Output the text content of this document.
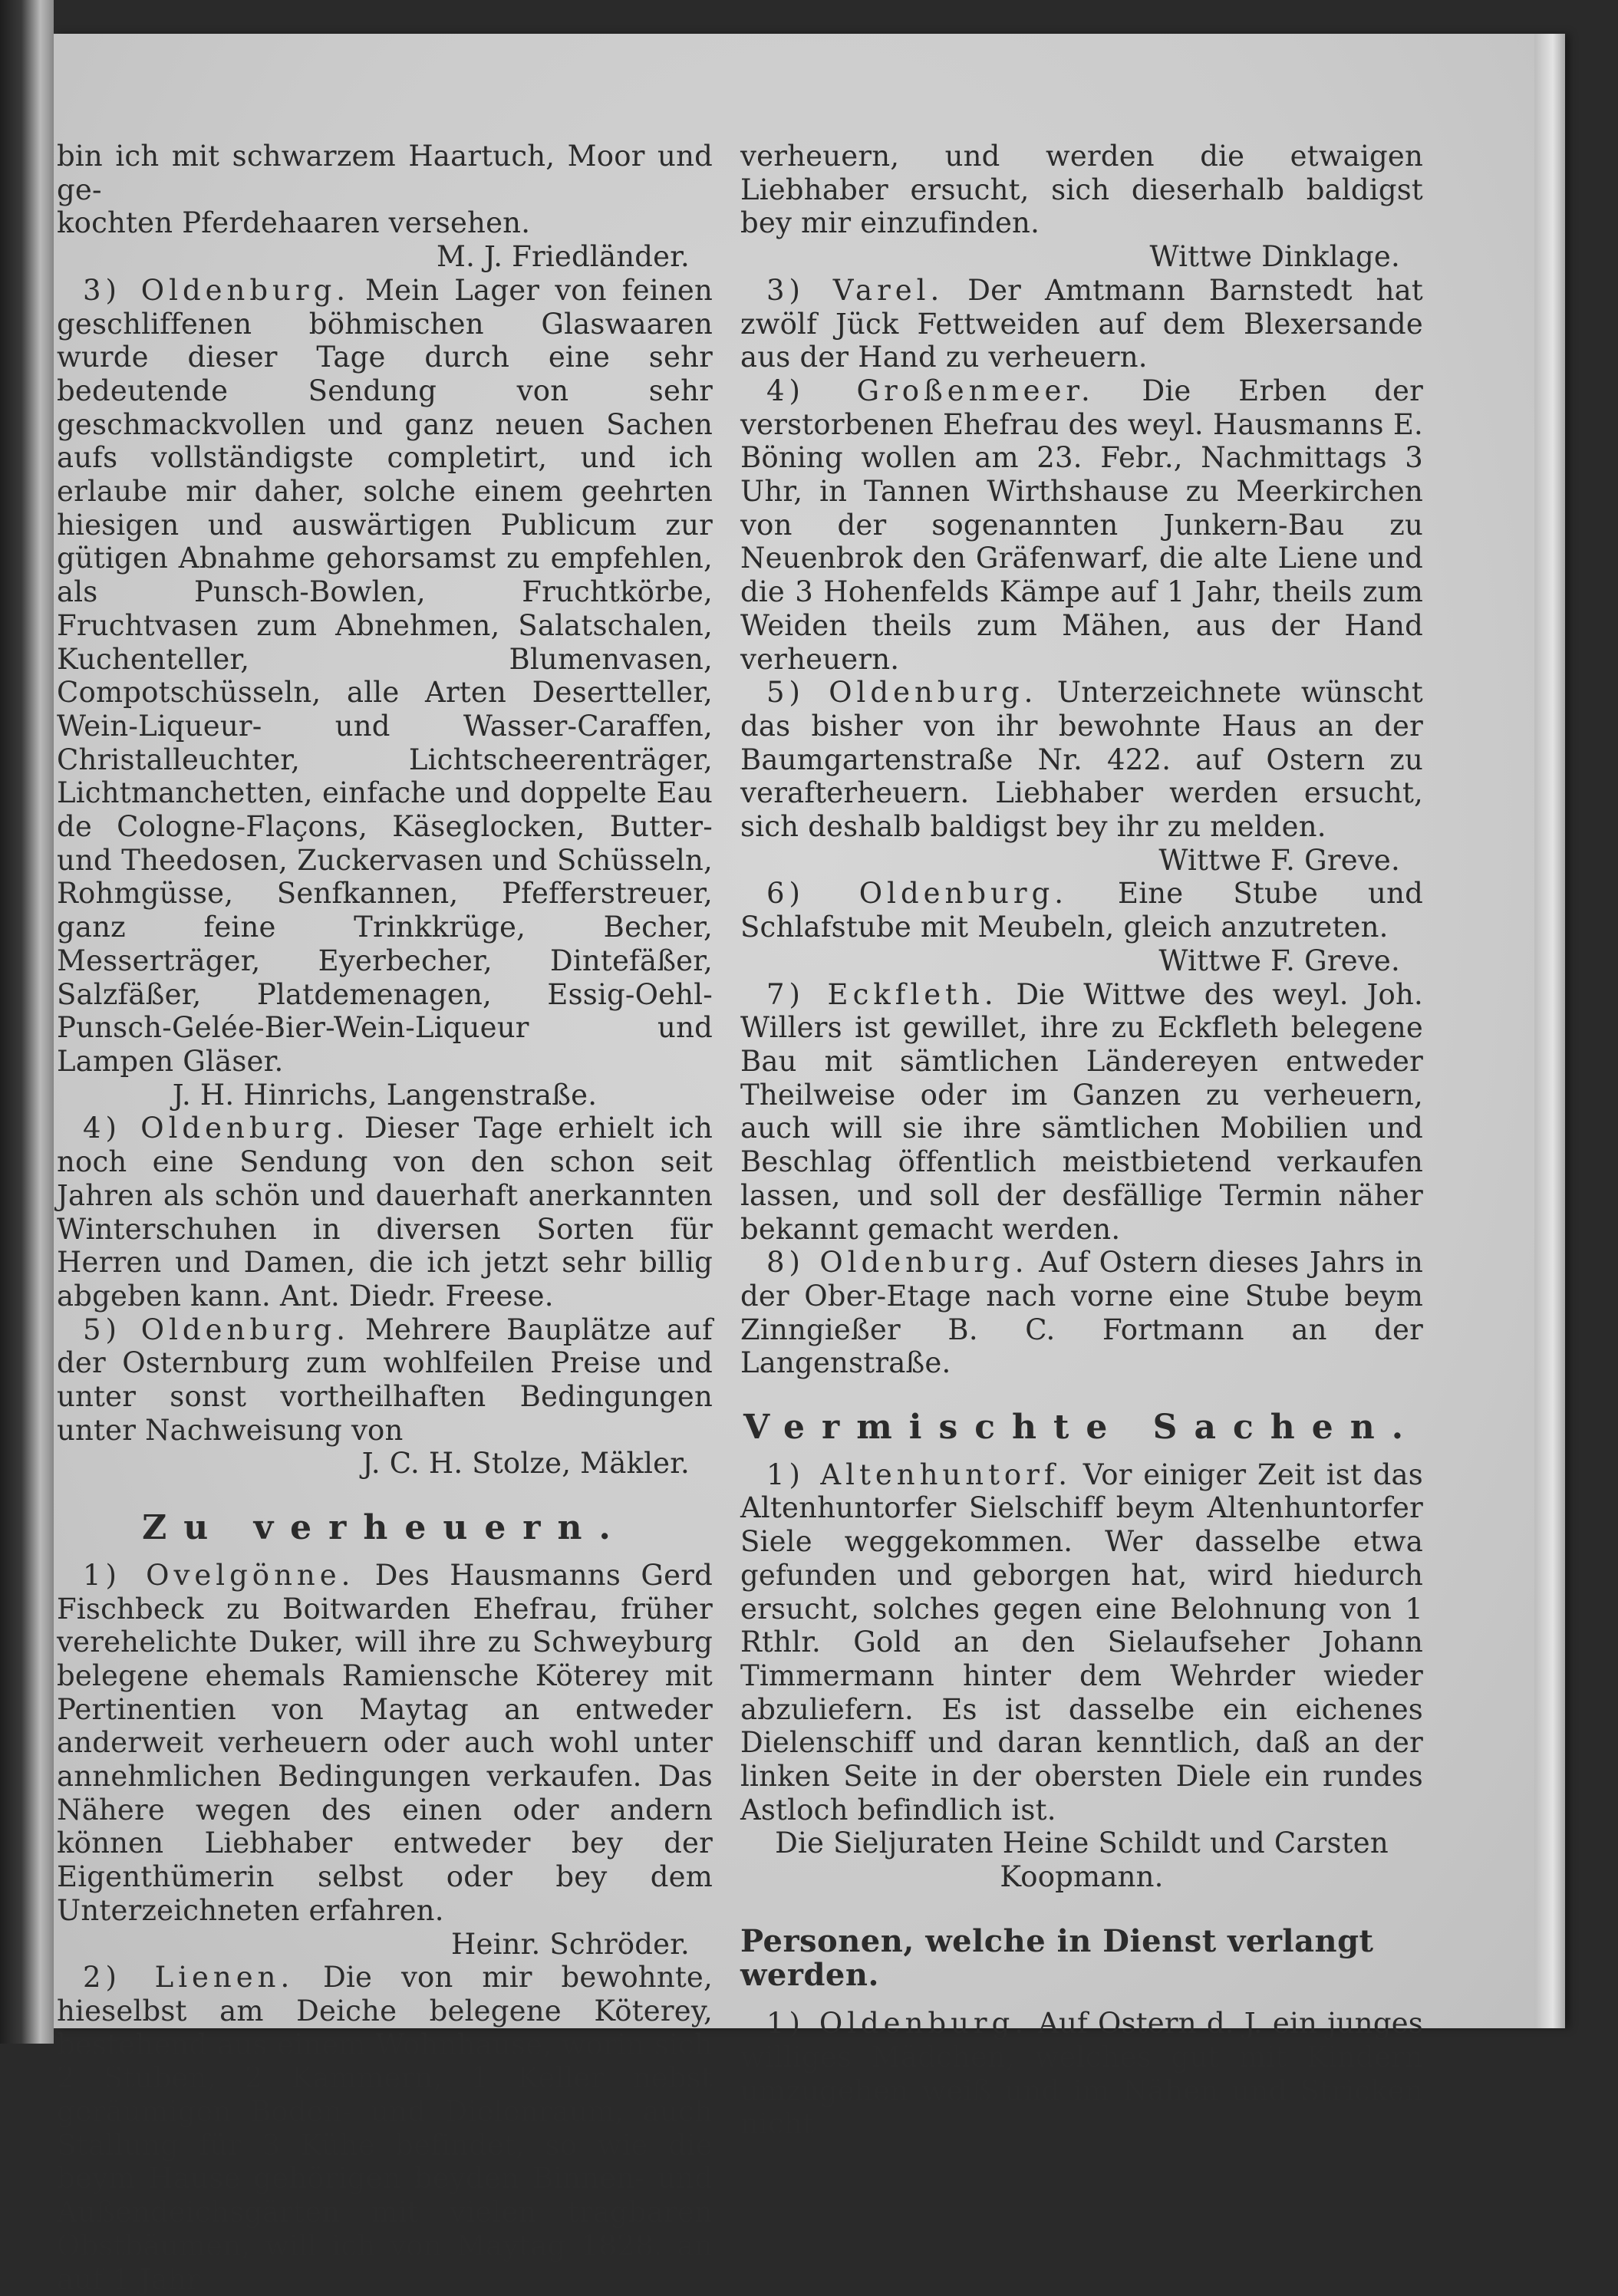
bin ich mit schwarzem Haartuch, Moor und ge-

kochten Pferdehaaren versehen.

M. J. Friedländer.

3) Oldenburg. Mein Lager von feinen geschliffenen böhmischen Glaswaaren wurde dieser Tage durch eine sehr bedeutende Sendung von sehr geschmackvollen und ganz neuen Sachen aufs vollständigste completirt, und ich erlaube mir daher, solche einem geehrten hiesigen und auswärtigen Publicum zur gütigen Abnahme gehorsamst zu empfehlen, als Punsch-Bowlen, Fruchtkörbe, Fruchtvasen zum Abnehmen, Salatschalen, Kuchenteller, Blumenvasen, Compotschüsseln, alle Arten Desertteller, Wein-Liqueur- und Wasser-Caraffen, Christalleuchter, Lichtscheerenträger, Lichtmanchetten, einfache und doppelte Eau de Cologne-Flaçons, Käseglocken, Butter- und Theedosen, Zuckervasen und Schüsseln, Rohmgüsse, Senfkannen, Pfefferstreuer, ganz feine Trinkkrüge, Becher, Messerträger, Eyerbecher, Dintefäßer, Salzfäßer, Platdemenagen, Essig-Oehl-Punsch-Gelée-Bier-Wein-Liqueur und Lampen Gläser.

J. H. Hinrichs, Langenstraße.

4) Oldenburg. Dieser Tage erhielt ich noch eine Sendung von den schon seit Jahren als schön und dauerhaft anerkannten Winterschuhen in diversen Sorten für Herren und Damen, die ich jetzt sehr billig abgeben kann. Ant. Diedr. Freese.

5) Oldenburg. Mehrere Bauplätze auf der Osternburg zum wohlfeilen Preise und unter sonst vortheilhaften Bedingungen unter Nachweisung von

J. C. H. Stolze, Mäkler.

Zu verheuern.

1) Ovelgönne. Des Hausmanns Gerd Fischbeck zu Boitwarden Ehefrau, früher verehelichte Duker, will ihre zu Schweyburg belegene ehemals Ramiensche Köterey mit Pertinentien von Maytag an entweder anderweit verheuern oder auch wohl unter annehmlichen Bedingungen verkaufen. Das Nähere wegen des einen oder andern können Liebhaber entweder bey der Eigenthümerin selbst oder bey dem Unterzeichneten erfahren.

Heinr. Schröder.

2) Lienen. Die von mir bewohnte, hieselbst am Deiche belegene Köterey, bestehend aus einem Wohnhause, worin sich 2 Stuben, 2 Kammern, 1 Keller nebst geräumigen Boden- und Dielenraum, auch Stallung für 3 Kühe befindet, so wie die beym Hause gehörigen beyden Binnen- und Außendeichsgärten mit vielen tragbaren Obstbäumen, will ich von Maytag 1828. an auf 1 Jahr

verheuern, und werden die etwaigen Liebhaber ersucht, sich dieserhalb baldigst bey mir einzufinden.

Wittwe Dinklage.

3) Varel. Der Amtmann Barnstedt hat zwölf Jück Fettweiden auf dem Blexersande aus der Hand zu verheuern.

4) Großenmeer. Die Erben der verstorbenen Ehefrau des weyl. Hausmanns E. Böning wollen am 23. Febr., Nachmittags 3 Uhr, in Tannen Wirthshause zu Meerkirchen von der sogenannten Junkern-Bau zu Neuenbrok den Gräfenwarf, die alte Liene und die 3 Hohenfelds Kämpe auf 1 Jahr, theils zum Weiden theils zum Mähen, aus der Hand verheuern.

5) Oldenburg. Unterzeichnete wünscht das bisher von ihr bewohnte Haus an der Baumgartenstraße Nr. 422. auf Ostern zu verafterheuern. Liebhaber werden ersucht, sich deshalb baldigst bey ihr zu melden.

Wittwe F. Greve.

6) Oldenburg. Eine Stube und Schlafstube mit Meubeln, gleich anzutreten.

Wittwe F. Greve.

7) Eckfleth. Die Wittwe des weyl. Joh. Willers ist gewillet, ihre zu Eckfleth belegene Bau mit sämtlichen Ländereyen entweder Theilweise oder im Ganzen zu verheuern, auch will sie ihre sämtlichen Mobilien und Beschlag öffentlich meistbietend verkaufen lassen, und soll der desfällige Termin näher bekannt gemacht werden.

8) Oldenburg. Auf Ostern dieses Jahrs in der Ober-Etage nach vorne eine Stube beym Zinngießer B. C. Fortmann an der Langenstraße.

Vermischte Sachen.

1) Altenhuntorf. Vor einiger Zeit ist das Altenhuntorfer Sielschiff beym Altenhuntorfer Siele weggekommen. Wer dasselbe etwa gefunden und geborgen hat, wird hiedurch ersucht, solches gegen eine Belohnung von 1 Rthlr. Gold an den Sielaufseher Johann Timmermann hinter dem Wehrder wieder abzuliefern. Es ist dasselbe ein eichenes Dielenschiff und daran kenntlich, daß an der linken Seite in der obersten Diele ein rundes Astloch befindlich ist.

Die Sieljuraten Heine Schildt und Carsten Koopmann.

Personen, welche in Dienst verlangt werden.

1) Oldenburg. Auf Ostern d. J. ein junges williges Mädchen, welches gut mit Kindern umzugehen weiß und im Nähen und Stricken nicht
